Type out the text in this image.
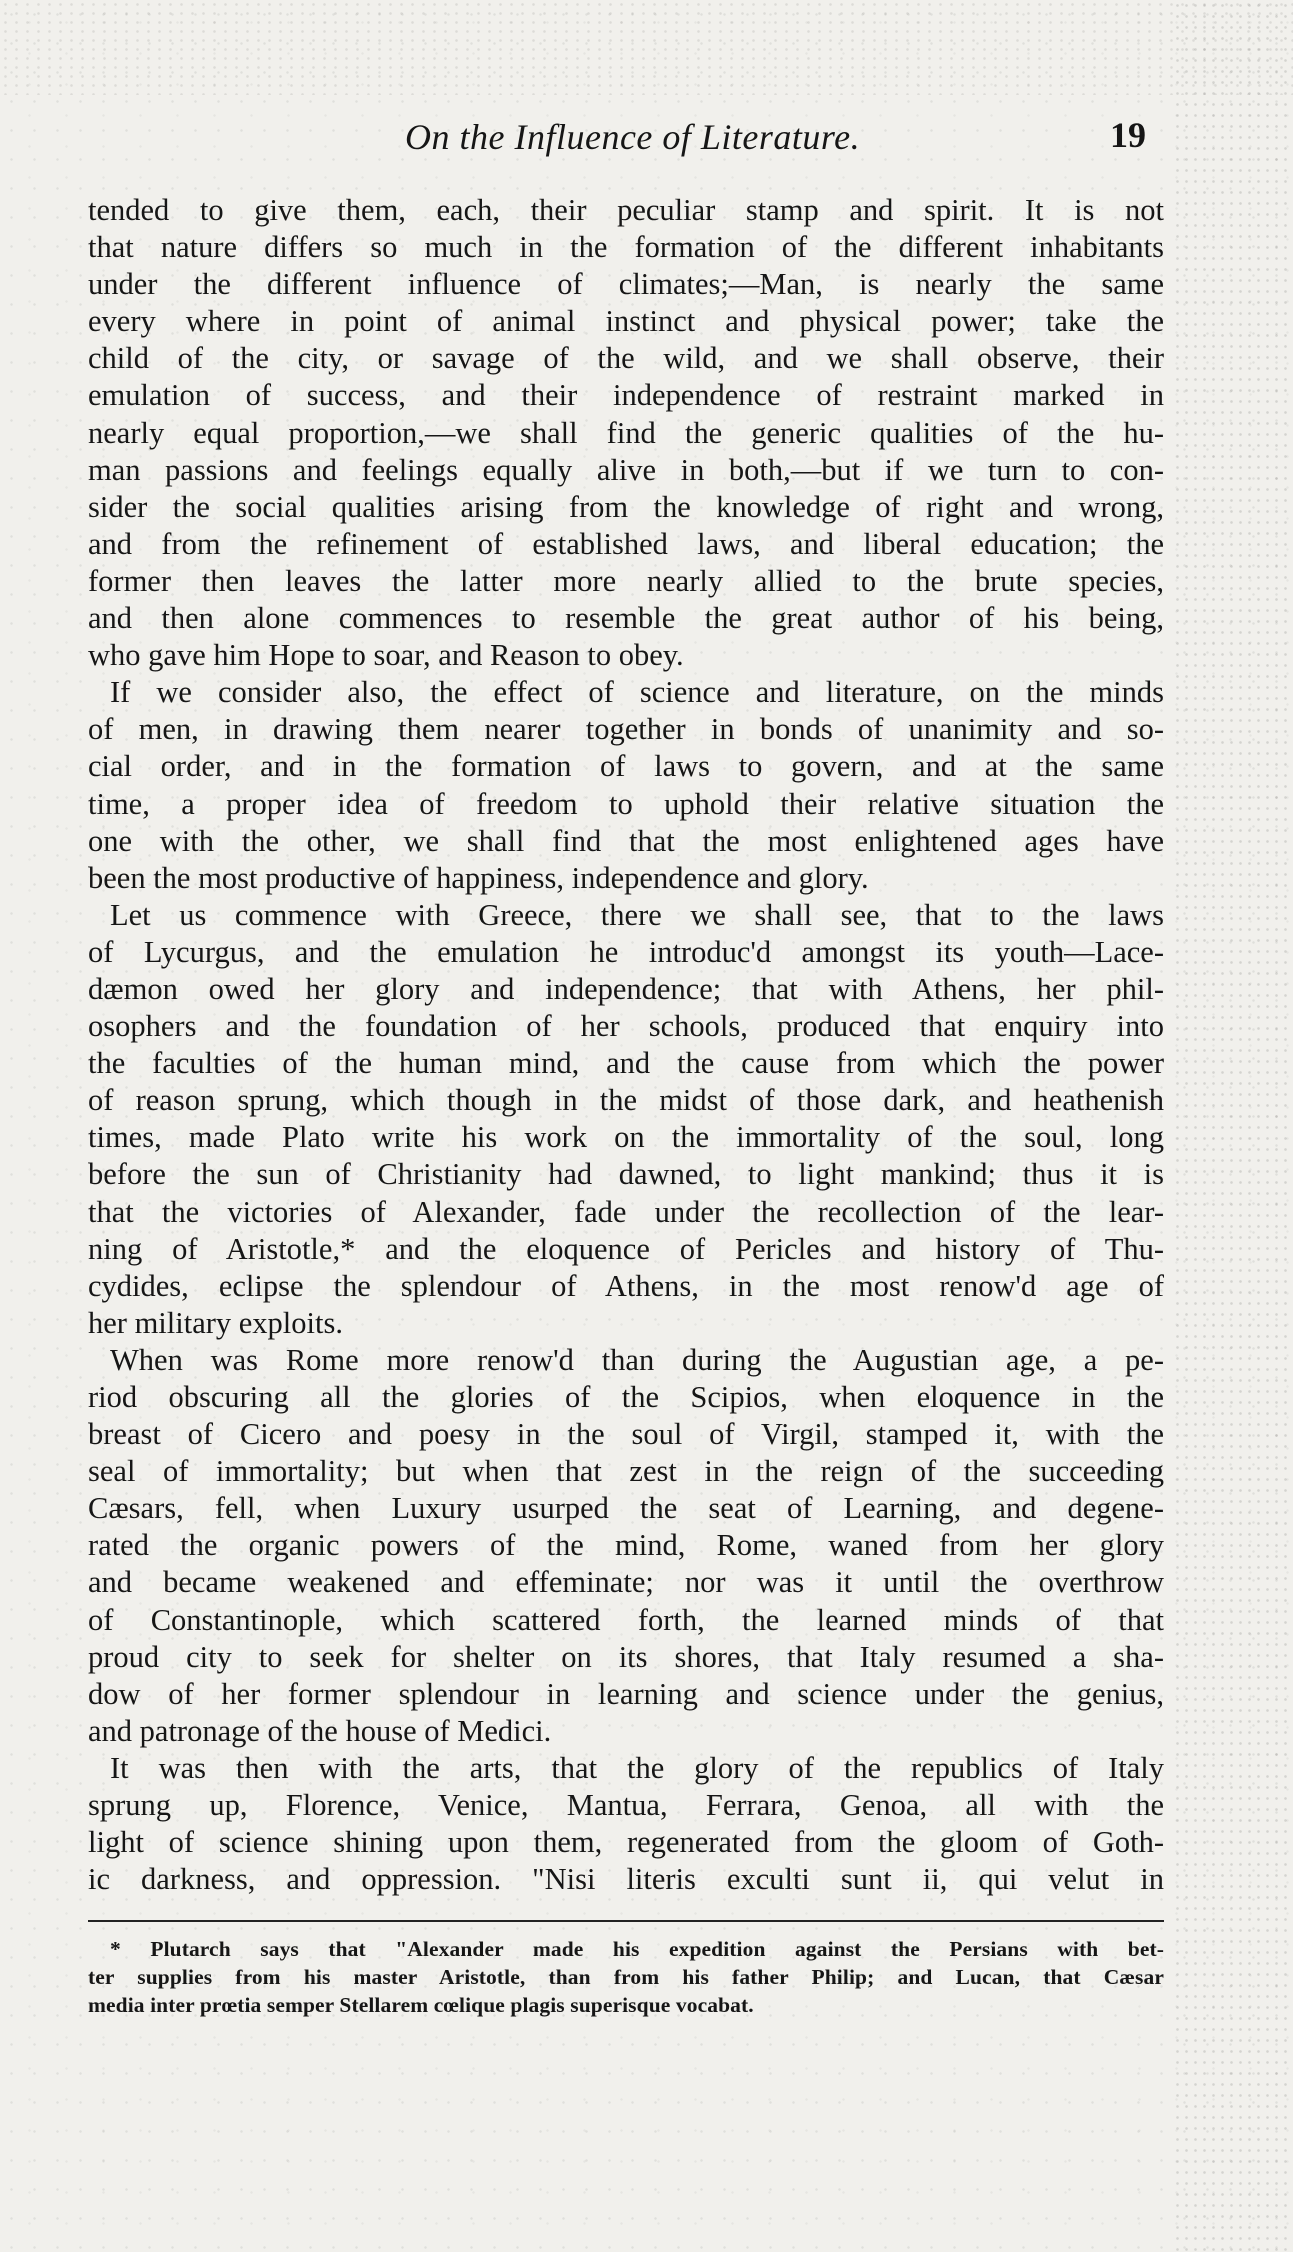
On the Influence of Literature.	19
tended to give them, each, their peculiar stamp and spirit. It is not
that nature differs so much in the formation of the different inhabitants
under the different influence of climates;—Man, is nearly the same
every where in point of animal instinct and physical power; take the
child of the city, or savage of the wild, and we shall observe, their
emulation of success, and their independence of restraint marked in
nearly equal proportion,—we shall find the generic qualities of the hu-
man passions and feelings equally alive in both,—but if we turn to con-
sider the social qualities arising from the knowledge of right and wrong,
and from the refinement of established laws, and liberal education; the
former then leaves the latter more nearly allied to the brute species,
and then alone commences to resemble the great author of his being,
who gave him Hope to soar, and Reason to obey.
If we consider also, the effect of science and literature, on the minds
of men, in drawing them nearer together in bonds of unanimity and so-
cial order, and in the formation of laws to govern, and at the same
time, a proper idea of freedom to uphold their relative situation the
one with the other, we shall find that the most enlightened ages have
been the most productive of happiness, independence and glory.
Let us commence with Greece, there we shall see, that to the laws
of Lycurgus, and the emulation he introduc'd amongst its youth—Lace-
dæmon owed her glory and independence; that with Athens, her phil-
osophers and the foundation of her schools, produced that enquiry into
the faculties of the human mind, and the cause from which the power
of reason sprung, which though in the midst of those dark, and heathenish
times, made Plato write his work on the immortality of the soul, long
before the sun of Christianity had dawned, to light mankind; thus it is
that the victories of Alexander, fade under the recollection of the lear-
ning of Aristotle,* and the eloquence of Pericles and history of Thu-
cydides, eclipse the splendour of Athens, in the most renow'd age of
her military exploits.
When was Rome more renow'd than during the Augustian age, a pe-
riod obscuring all the glories of the Scipios, when eloquence in the
breast of Cicero and poesy in the soul of Virgil, stamped it, with the
seal of immortality; but when that zest in the reign of the succeeding
Cæsars, fell, when Luxury usurped the seat of Learning, and degene-
rated the organic powers of the mind, Rome, waned from her glory
and became weakened and effeminate; nor was it until the overthrow
of Constantinople, which scattered forth, the learned minds of that
proud city to seek for shelter on its shores, that Italy resumed a sha-
dow of her former splendour in learning and science under the genius,
and patronage of the house of Medici.
It was then with the arts, that the glory of the republics of Italy
sprung up, Florence, Venice, Mantua, Ferrara, Genoa, all with the
light of science shining upon them, regenerated from the gloom of Goth-
ic darkness, and oppression. "Nisi literis exculti sunt ii, qui velut in
* Plutarch says that "Alexander made his expedition against the Persians with bet-
ter supplies from his master Aristotle, than from his father Philip; and Lucan, that Cæsar
media inter prœtia semper Stellarem cœlique plagis superisque vocabat.
